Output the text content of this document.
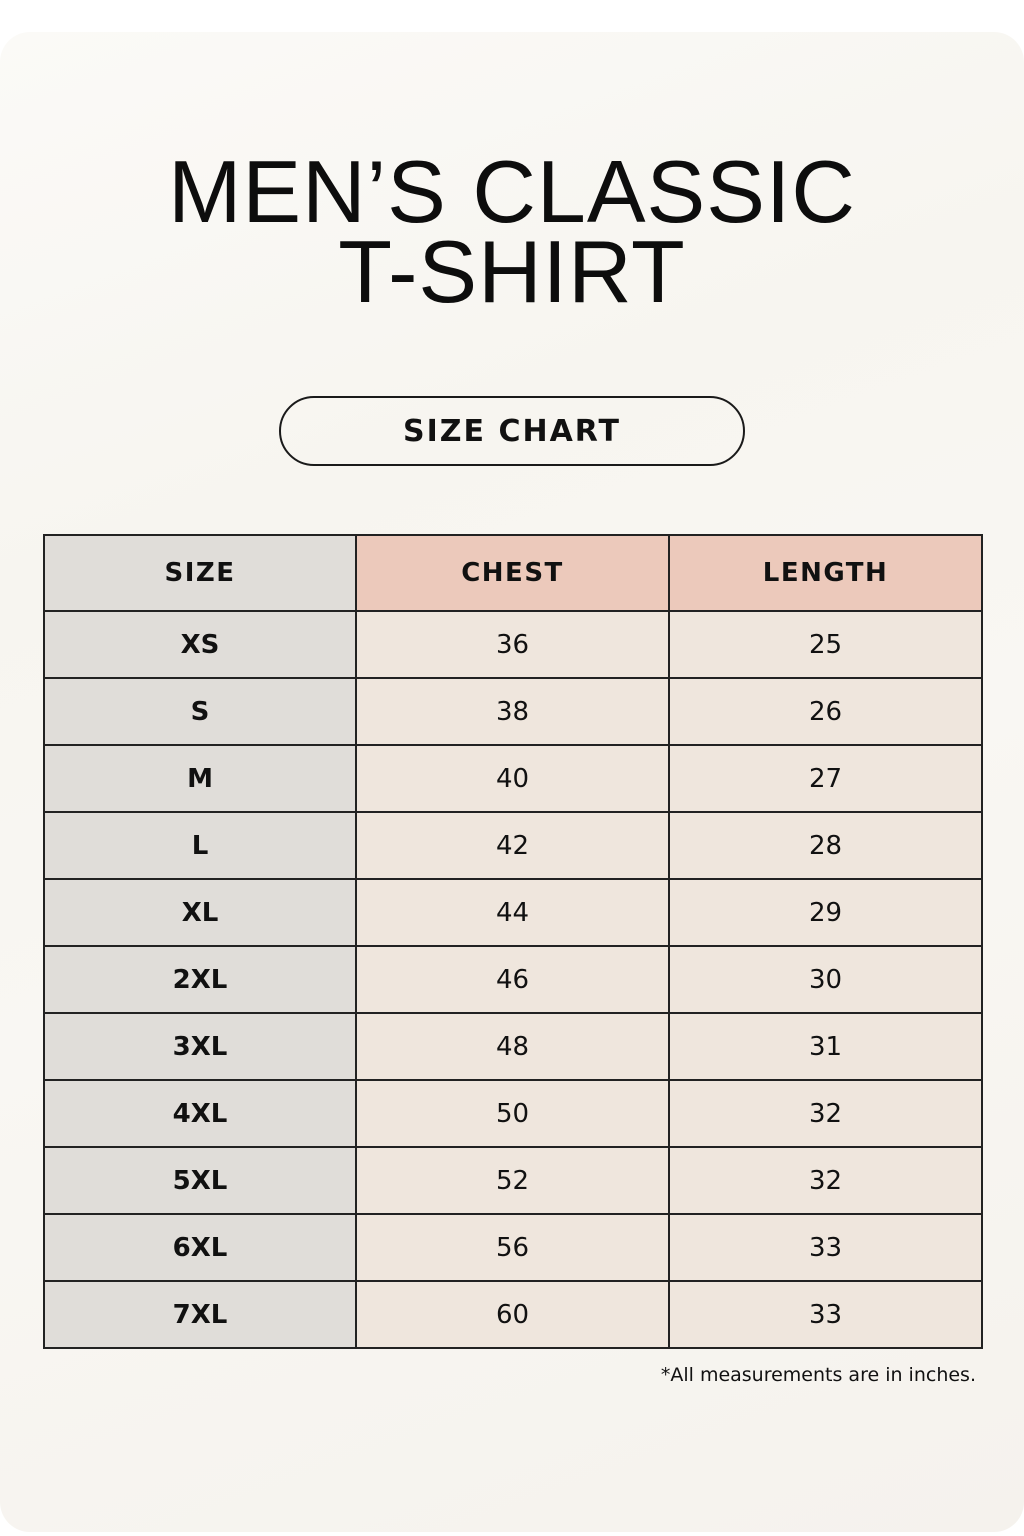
MEN’S CLASSIC
T-SHIRT
SIZE CHART
SIZE	CHEST	LENGTH
XS	36	25
S	38	26
M	40	27
L	42	28
XL	44	29
2XL	46	30
3XL	48	31
4XL	50	32
5XL	52	32
6XL	56	33
7XL	60	33
*All measurements are in inches.
